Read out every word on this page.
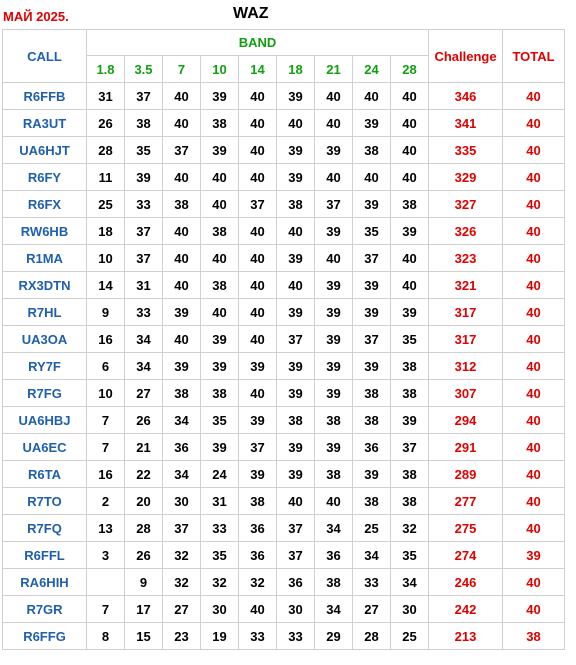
МАЙ 2025.	WAZ
CALL	BAND									Challenge	TOTAL
	1.8	3.5	7	10	14	18	21	24	28		
R6FFB	31	37	40	39	40	39	40	40	40	346	40
RA3UT	26	38	40	38	40	40	40	39	40	341	40
UA6HJT	28	35	37	39	40	39	39	38	40	335	40
R6FY	11	39	40	40	40	39	40	40	40	329	40
R6FX	25	33	38	40	37	38	37	39	38	327	40
RW6HB	18	37	40	38	40	40	39	35	39	326	40
R1MA	10	37	40	40	40	39	40	37	40	323	40
RX3DTN	14	31	40	38	40	40	39	39	40	321	40
R7HL	9	33	39	40	40	39	39	39	39	317	40
UA3OA	16	34	40	39	40	37	39	37	35	317	40
RY7F	6	34	39	39	39	39	39	39	38	312	40
R7FG	10	27	38	38	40	39	39	38	38	307	40
UA6HBJ	7	26	34	35	39	38	38	38	39	294	40
UA6EC	7	21	36	39	37	39	39	36	37	291	40
R6TA	16	22	34	24	39	39	38	39	38	289	40
R7TO	2	20	30	31	38	40	40	38	38	277	40
R7FQ	13	28	37	33	36	37	34	25	32	275	40
R6FFL	3	26	32	35	36	37	36	34	35	274	39
RA6HIH		9	32	32	32	36	38	33	34	246	40
R7GR	7	17	27	30	40	30	34	27	30	242	40
R6FFG	8	15	23	19	33	33	29	28	25	213	38
